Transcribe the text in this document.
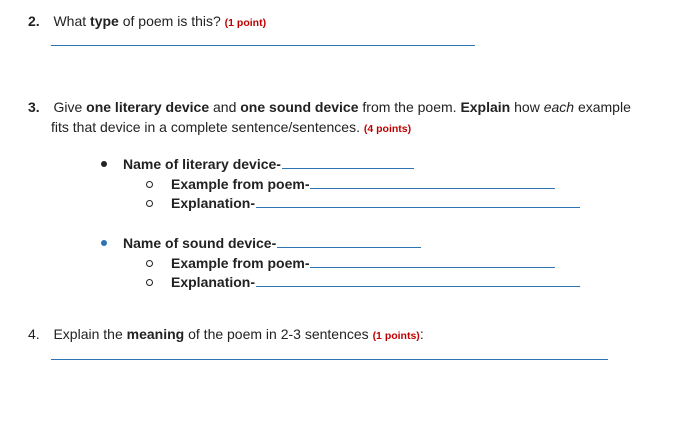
2. What type of poem is this? (1 point)
3. Give one literary device and one sound device from the poem. Explain how each example
fits that device in a complete sentence/sentences. (4 points)
Name of literary device-
Example from poem-
Explanation-
Name of sound device-
Example from poem-
Explanation-
4. Explain the meaning of the poem in 2-3 sentences (1 points):
